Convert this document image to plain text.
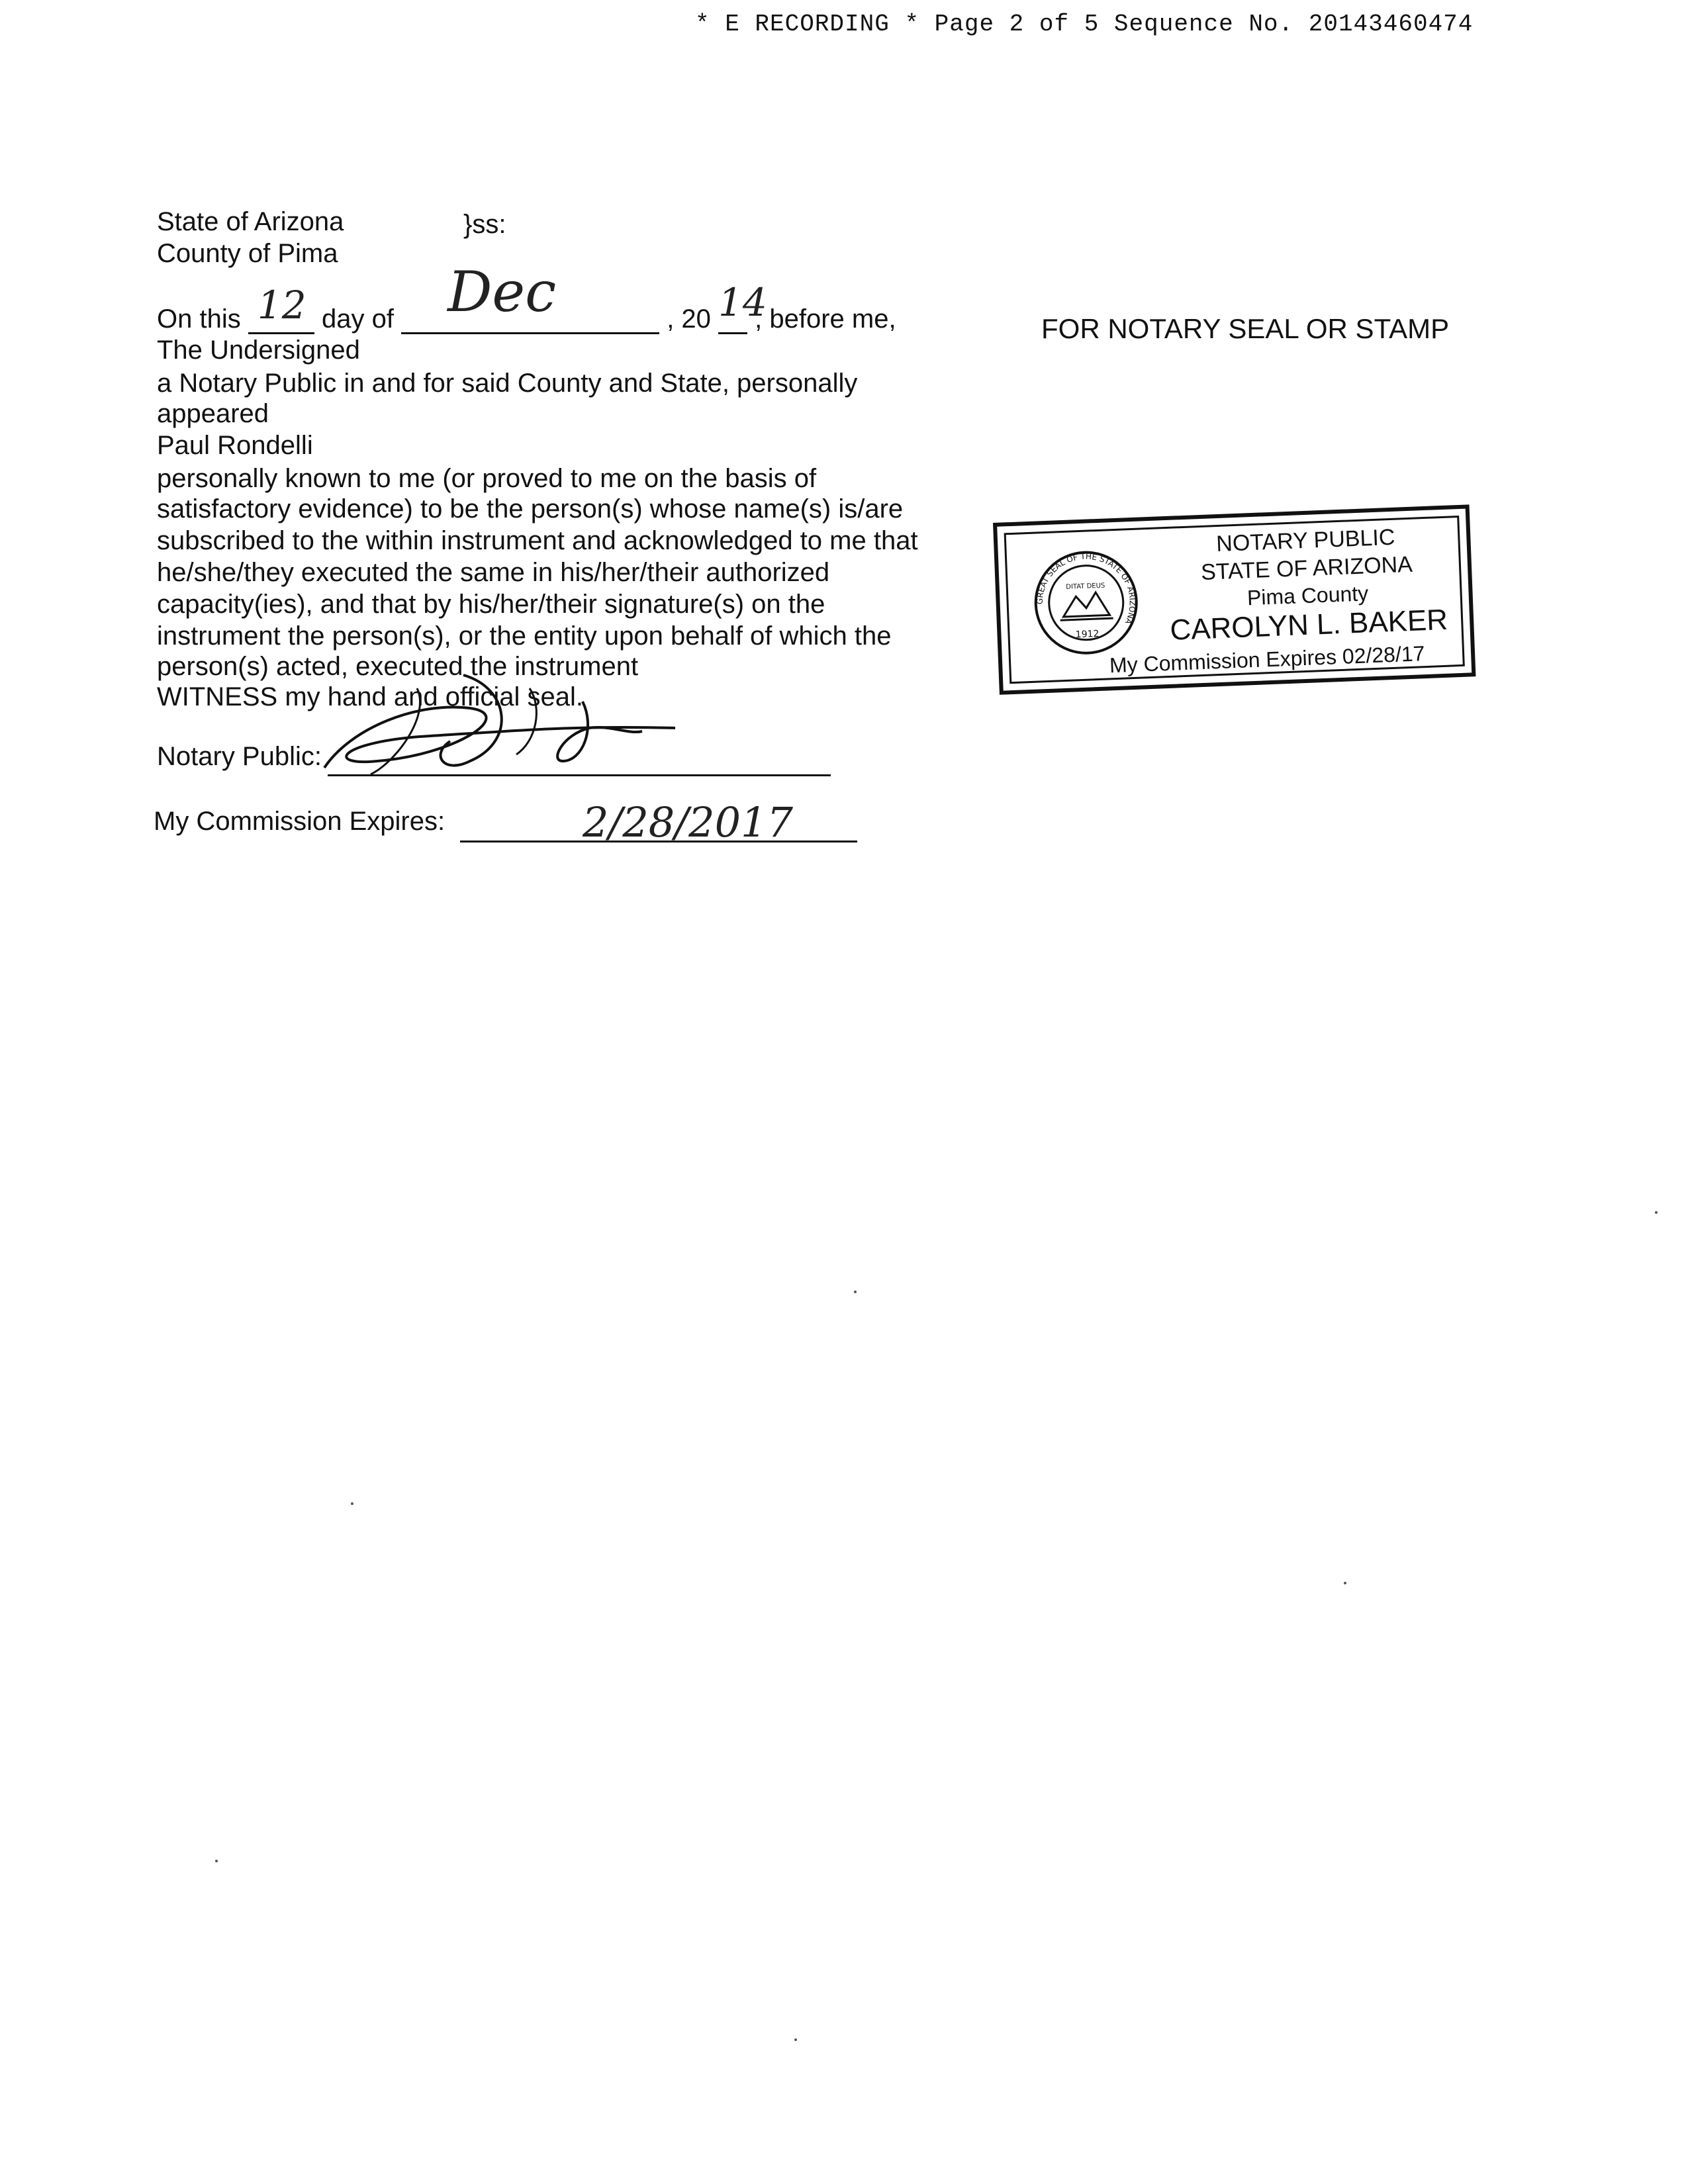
* E RECORDING * Page 2 of 5 Sequence No. 20143460474
State of Arizona	}ss:
County of Pima
On this 12 day of Dec	, 20 14
, before me,
The Undersigned
a Notary Public in and for said County and State, personally
appeared
Paul Rondelli
personally known to me (or proved to me on the basis of
satisfactory evidence) to be the person(s) whose name(s) is/are
subscribed to the within instrument and acknowledged to me that
he/she/they executed the same in his/her/their authorized
capacity(ies), and that by his/her/their signature(s) on the
instrument the person(s), or the entity upon behalf of which the
person(s) acted, executed the instrument
WITNESS my hand and official seal.
Notary Public:
My Commission Expires:	2/28/2017
FOR NOTARY SEAL OR STAMP
GREAT SEAL OF THE STATE OF ARIZONA
DITAT DEUS
1912
NOTARY PUBLIC
STATE OF ARIZONA
Pima County
CAROLYN L. BAKER
My Commission Expires 02/28/17
